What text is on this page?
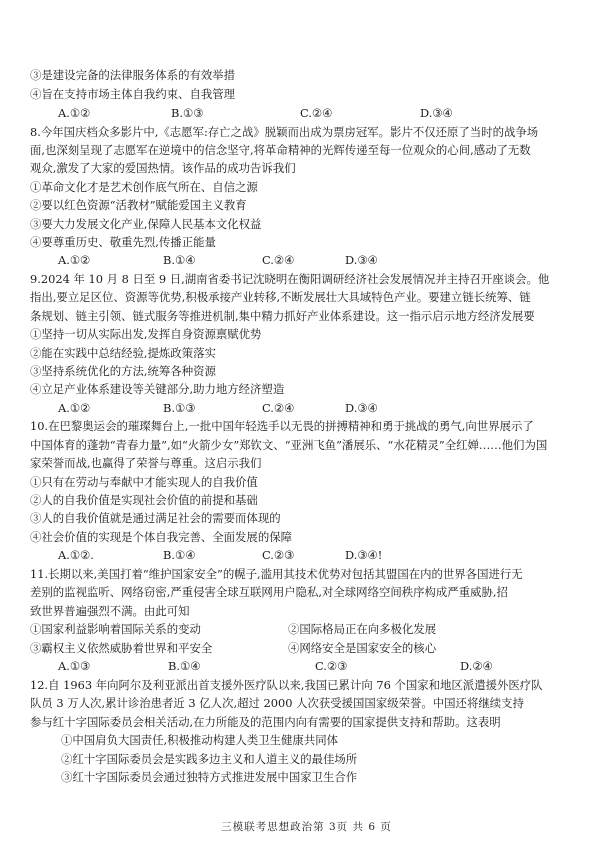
③是建设完备的法律服务体系的有效举措
④旨在支持市场主体自我约束、自我管理
A.①②	B.①③	C.②④	D.③④
8.今年国庆档众多影片中,《志愿军:存亡之战》脱颖而出成为票房冠军。影片不仅还原了当时的战争场
面,也深刻呈现了志愿军在逆境中的信念坚守,将革命精神的光辉传递至每一位观众的心间,感动了无数
观众,激发了大家的爱国热情。该作品的成功告诉我们
①革命文化才是艺术创作底气所在、自信之源
②要以红色资源“活教材”赋能爱国主义教育
③要大力发展文化产业,保障人民基本文化权益
④要尊重历史、敬重先烈,传播正能量
A.①②	B.①④	C.②④	D.③④
9.2024 年 10 月 8 日至 9 日,湖南省委书记沈晓明在衡阳调研经济社会发展情况并主持召开座谈会。他
指出,要立足区位、资源等优势,积极承接产业转移,不断发展壮大具域特色产业。要建立链长统筹、链
条规划、链主引领、链式服务等推进机制,集中精力抓好产业体系建设。这一指示启示地方经济发展要
①坚持一切从实际出发,发挥自身资源禀赋优势
②能在实践中总结经验,提炼政策落实
③坚持系统优化的方法,统筹各种资源
④立足产业体系建设等关键部分,助力地方经济塑造
A.①②	B.①③	C.②④	D.③④
10.在巴黎奥运会的璀璨舞台上,一批中国年轻选手以无畏的拼搏精神和勇于挑战的勇气,向世界展示了
中国体育的蓬勃“青春力量”,如“火箭少女”郑钦文、“亚洲飞鱼”潘展乐、“水花精灵”全红婵……他们为国
家荣誉而战,也赢得了荣誉与尊重。这启示我们
①只有在劳动与奉献中才能实现人的自我价值
②人的自我价值是实现社会价值的前提和基础
③人的自我价值就是通过满足社会的需要而体现的
④社会价值的实现是个体自我完善、全面发展的保障
A.①②.	B.①④	C.②③	D.③④!
11.长期以来,美国打着“维护国家安全”的幌子,滥用其技术优势对包括其盟国在内的世界各国进行无
差别的监视监听、网络窃密,严重侵害全球互联网用户隐私,对全球网络空间秩序构成严重威胁,招
致世界普遍强烈不满。由此可知
①国家利益影响着国际关系的变动	②国际格局正在向多极化发展
③霸权主义依然威胁着世界和平安全	④网络安全是国家安全的核心
A.①③	B.①④	C.②③	D.②④
12.自 1963 年向阿尔及利亚派出首支援外医疗队以来,我国已累计向 76 个国家和地区派遣援外医疗队
队员 3 万人次,累计诊治患者近 3 亿人次,超过 2000 人次获受援国国家级荣誉。中国还将继续支持
参与红十字国际委员会相关活动,在力所能及的范围内向有需要的国家提供支持和帮助。这表明
①中国肩负大国责任,积极推动构建人类卫生健康共同体
②红十字国际委员会是实践多边主义和人道主义的最佳场所
③红十字国际委员会通过独特方式推进发展中国家卫生合作
三模联考思想政治第 3页 共 6 页
